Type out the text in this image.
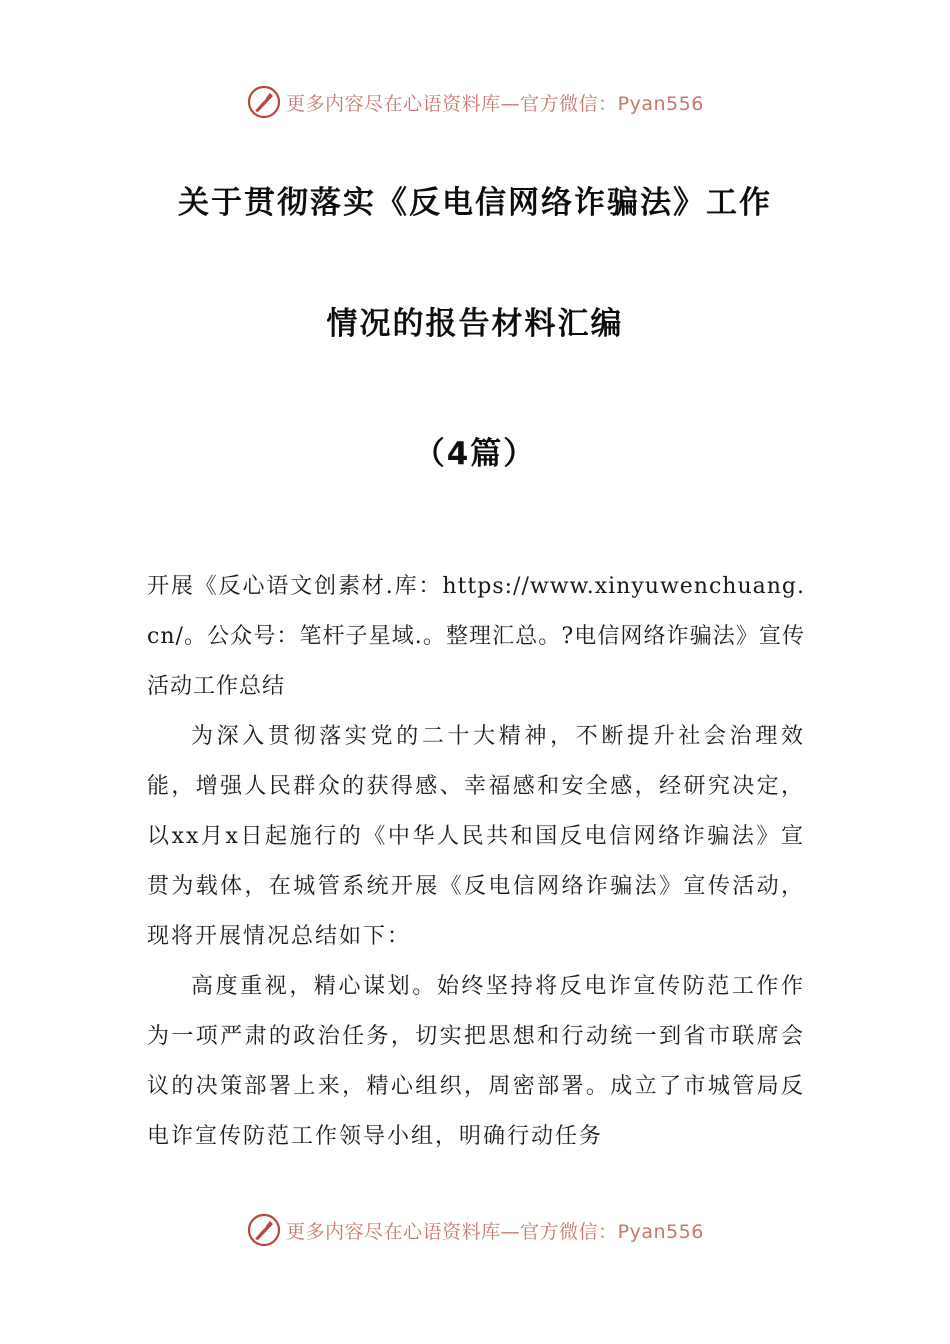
更多内容尽在心语资料库—官方微信：Pyan556
关于贯彻落实《反电信网络诈骗法》工作
情况的报告材料汇编
（4篇）

开展《反心语文创素材.库：https://www.xinyuwenchuang.cn/。公众号：笔杆子星域.。整理汇总。?电信网络诈骗法》宣传活动工作总结

为深入贯彻落实党的二十大精神，不断提升社会治理效能，增强人民群众的获得感、幸福感和安全感，经研究决定，以xx月x日起施行的《中华人民共和国反电信网络诈骗法》宣贯为载体，在城管系统开展《反电信网络诈骗法》宣传活动，现将开展情况总结如下：

高度重视，精心谋划。始终坚持将反电诈宣传防范工作作为一项严肃的政治任务，切实把思想和行动统一到省市联席会议的决策部署上来，精心组织，周密部署。成立了市城管局反电诈宣传防范工作领导小组，明确行动任务

更多内容尽在心语资料库—官方微信：Pyan556
